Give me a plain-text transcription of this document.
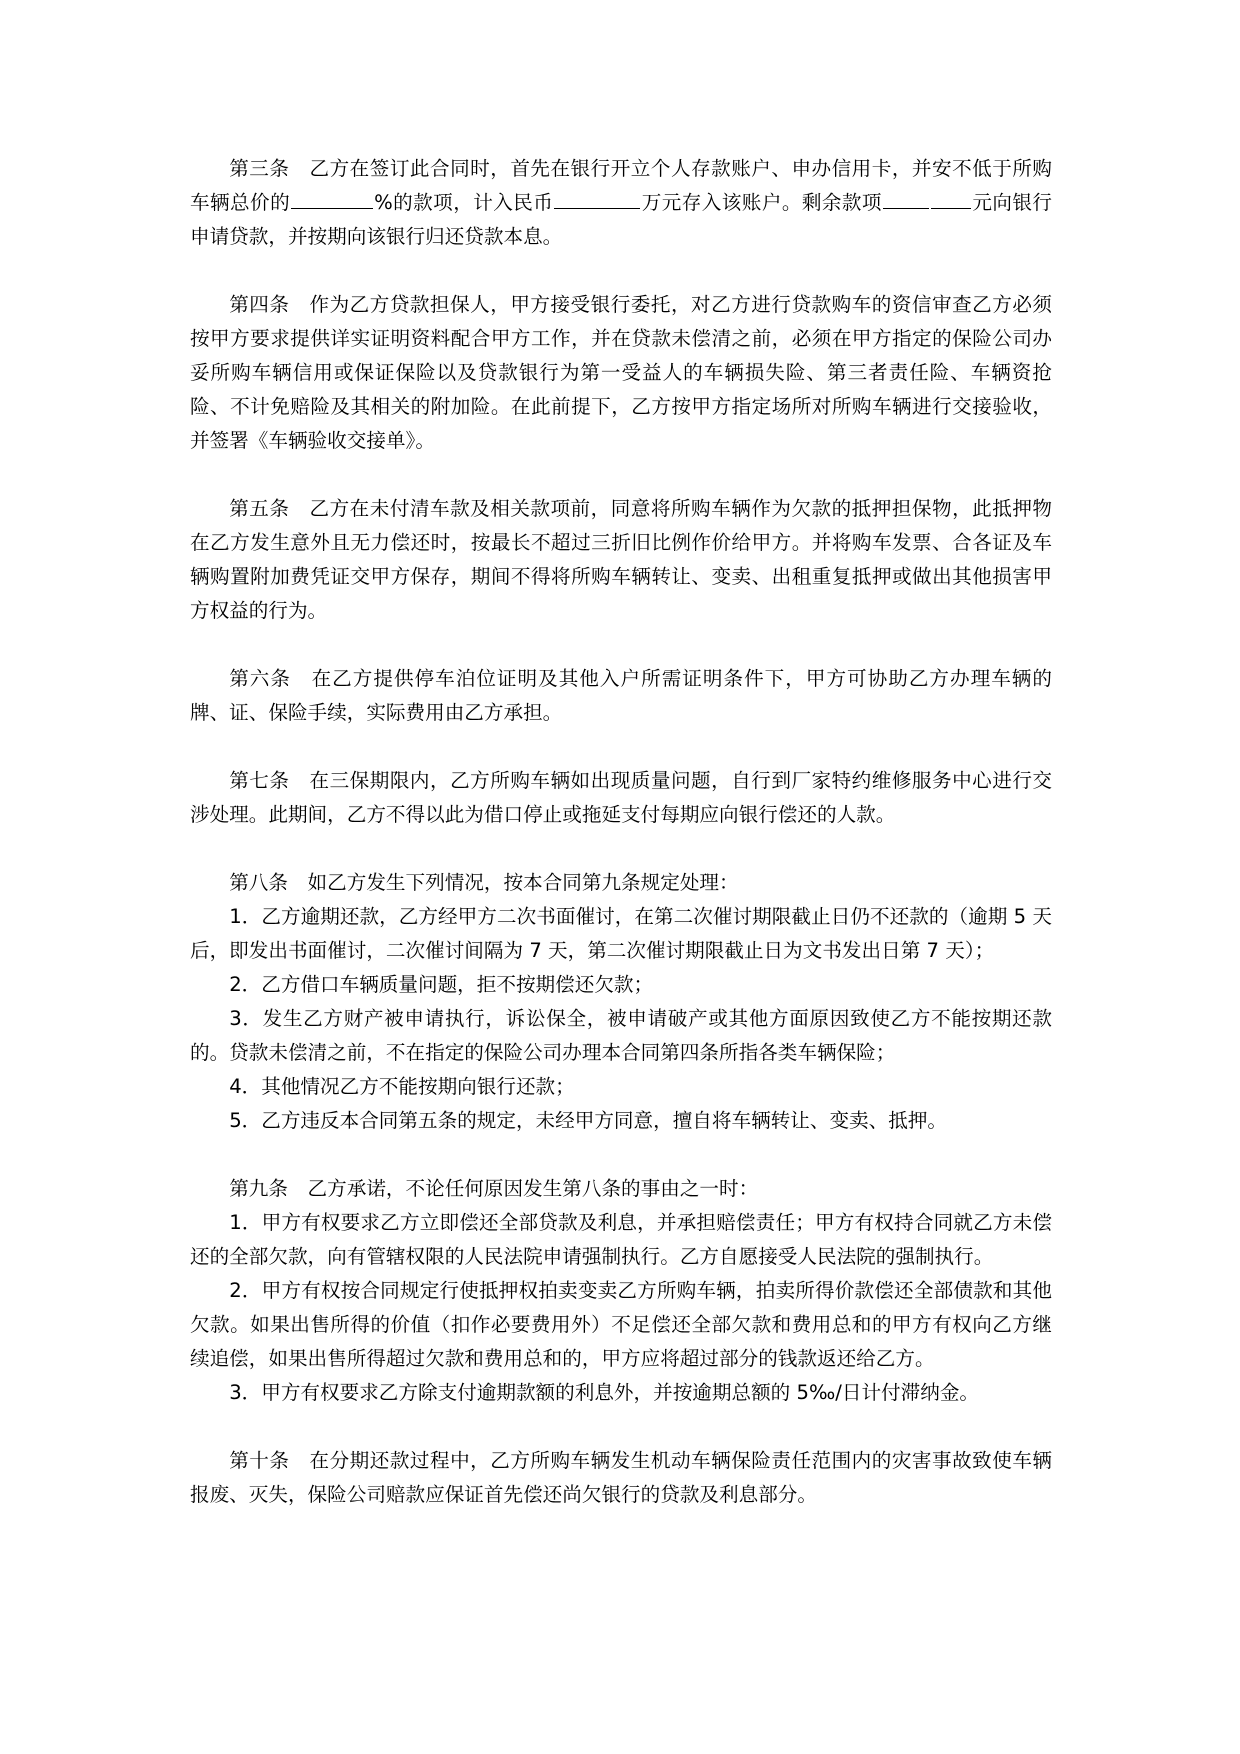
第三条　乙方在签订此合同时，首先在银行开立个人存款账户、申办信用卡，并安不低于所购车辆总价的	%的款项，计入民币	万元存入该账户。剩余款项	元向银行申请贷款，并按期向该银行归还贷款本息。

第四条　作为乙方贷款担保人，甲方接受银行委托，对乙方进行贷款购车的资信审查乙方必须按甲方要求提供详实证明资料配合甲方工作，并在贷款未偿清之前，必须在甲方指定的保险公司办妥所购车辆信用或保证保险以及贷款银行为第一受益人的车辆损失险、第三者责任险、车辆资抢险、不计免赔险及其相关的附加险。在此前提下，乙方按甲方指定场所对所购车辆进行交接验收，并签署《车辆验收交接单》。

第五条　乙方在未付清车款及相关款项前，同意将所购车辆作为欠款的抵押担保物，此抵押物在乙方发生意外且无力偿还时，按最长不超过三折旧比例作价给甲方。并将购车发票、合各证及车辆购置附加费凭证交甲方保存，期间不得将所购车辆转让、变卖、出租重复抵押或做出其他损害甲方权益的行为。

第六条　在乙方提供停车泊位证明及其他入户所需证明条件下，甲方可协助乙方办理车辆的牌、证、保险手续，实际费用由乙方承担。

第七条　在三保期限内，乙方所购车辆如出现质量问题，自行到厂家特约维修服务中心进行交涉处理。此期间，乙方不得以此为借口停止或拖延支付每期应向银行偿还的人款。

第八条　如乙方发生下列情况，按本合同第九条规定处理：

1．乙方逾期还款，乙方经甲方二次书面催讨，在第二次催讨期限截止日仍不还款的（逾期 5 天后，即发出书面催讨，二次催讨间隔为 7 天，第二次催讨期限截止日为文书发出日第 7 天）；

2．乙方借口车辆质量问题，拒不按期偿还欠款；

3．发生乙方财产被申请执行，诉讼保全，被申请破产或其他方面原因致使乙方不能按期还款的。贷款未偿清之前，不在指定的保险公司办理本合同第四条所指各类车辆保险；

4．其他情况乙方不能按期向银行还款；

5．乙方违反本合同第五条的规定，未经甲方同意，擅自将车辆转让、变卖、抵押。

第九条　乙方承诺，不论任何原因发生第八条的事由之一时：

1．甲方有权要求乙方立即偿还全部贷款及利息，并承担赔偿责任；甲方有权持合同就乙方未偿还的全部欠款，向有管辖权限的人民法院申请强制执行。乙方自愿接受人民法院的强制执行。

2．甲方有权按合同规定行使抵押权拍卖变卖乙方所购车辆，拍卖所得价款偿还全部债款和其他欠款。如果出售所得的价值（扣作必要费用外）不足偿还全部欠款和费用总和的甲方有权向乙方继续追偿，如果出售所得超过欠款和费用总和的，甲方应将超过部分的钱款返还给乙方。

3．甲方有权要求乙方除支付逾期款额的利息外，并按逾期总额的 5‰/日计付滞纳金。

第十条　在分期还款过程中，乙方所购车辆发生机动车辆保险责任范围内的灾害事故致使车辆报废、灭失，保险公司赔款应保证首先偿还尚欠银行的贷款及利息部分。
